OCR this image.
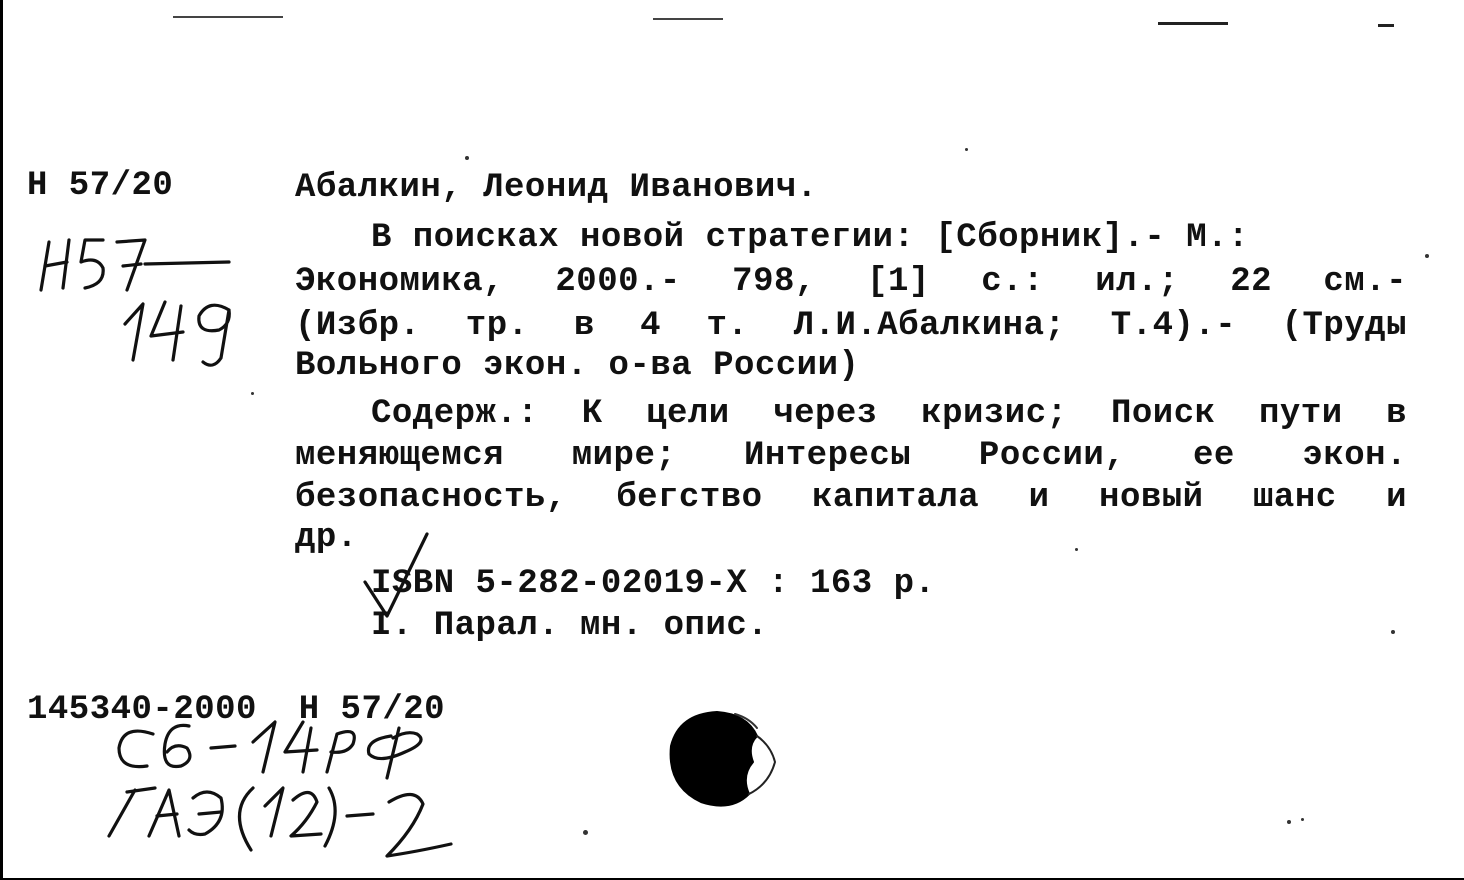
Н 57/20	Абалкин, Леонид Иванович.
В поисках новой стратегии: [Сборник].- М.:
Экономика, 2000.- 798, [1] с.: ил.; 22 см.-
(Избр. тр. в 4 т. Л.И.Абалкина; Т.4).- (Труды
Вольного экон. о-ва России)
Содерж.: К цели через кризис; Поиск пути в
меняющемся мире; Интересы России, ее экон.
безопасность, бегство капитала и новый шанс и
др.
ISBN 5-282-02019-X : 163 р.
I. Парал. мн. опис.
145340-2000  Н 57/20
